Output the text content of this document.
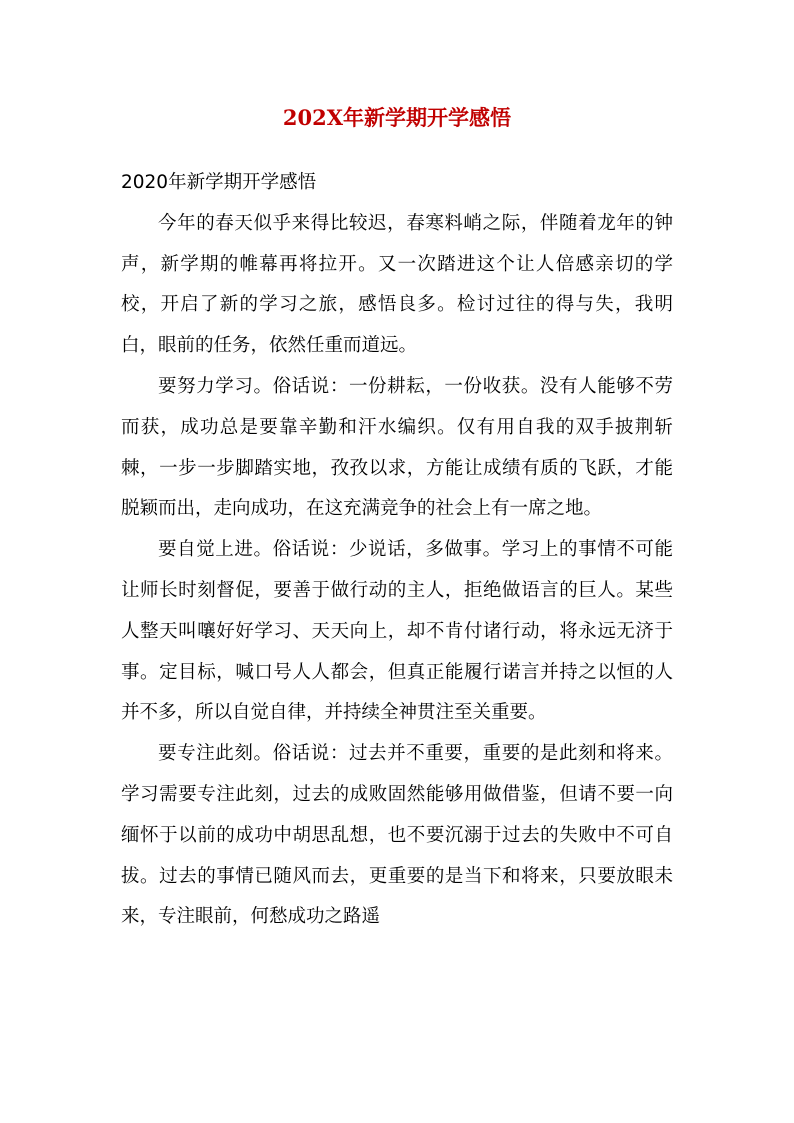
202X年新学期开学感悟

2020年新学期开学感悟

今年的春天似乎来得比较迟，春寒料峭之际，伴随着龙年的钟声，新学期的帷幕再将拉开。又一次踏进这个让人倍感亲切的学校，开启了新的学习之旅，感悟良多。检讨过往的得与失，我明白，眼前的任务，依然任重而道远。

要努力学习。俗话说：一份耕耘，一份收获。没有人能够不劳而获，成功总是要靠辛勤和汗水编织。仅有用自我的双手披荆斩棘，一步一步脚踏实地，孜孜以求，方能让成绩有质的飞跃，才能脱颖而出，走向成功，在这充满竞争的社会上有一席之地。

要自觉上进。俗话说：少说话，多做事。学习上的事情不可能让师长时刻督促，要善于做行动的主人，拒绝做语言的巨人。某些人整天叫嚷好好学习、天天向上，却不肯付诸行动，将永远无济于事。定目标，喊口号人人都会，但真正能履行诺言并持之以恒的人并不多，所以自觉自律，并持续全神贯注至关重要。

要专注此刻。俗话说：过去并不重要，重要的是此刻和将来。学习需要专注此刻，过去的成败固然能够用做借鉴，但请不要一向缅怀于以前的成功中胡思乱想，也不要沉溺于过去的失败中不可自拔。过去的事情已随风而去，更重要的是当下和将来，只要放眼未来，专注眼前，何愁成功之路遥
